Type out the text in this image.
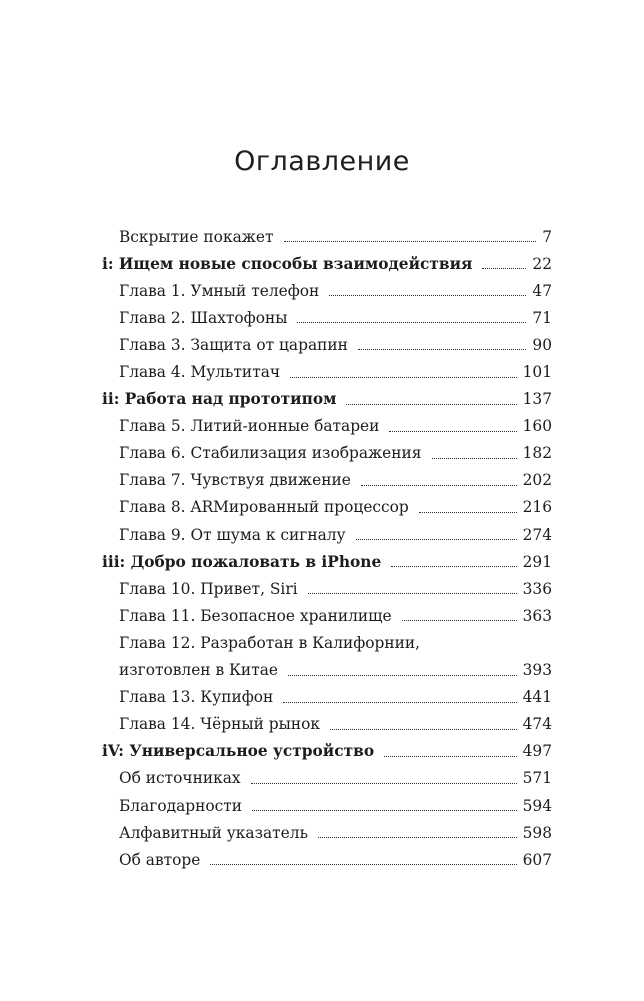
Оглавление
Вскрытие покажет	7
i: Ищем новые способы взаимодействия	22
Глава 1. Умный телефон	47
Глава 2. Шахтофоны	71
Глава 3. Защита от царапин	90
Глава 4. Мультитач	101
ii: Работа над прототипом	137
Глава 5. Литий-ионные батареи	160
Глава 6. Стабилизация изображения	182
Глава 7. Чувствуя движение	202
Глава 8. ARMированный процессор	216
Глава 9. От шума к сигналу	274
iii: Добро пожаловать в iPhone	291
Глава 10. Привет, Siri	336
Глава 11. Безопасное хранилище	363
Глава 12. Разработан в Калифорнии,
изготовлен в Китае	393
Глава 13. Купифон	441
Глава 14. Чёрный рынок	474
iV: Универсальное устройство	497
Об источниках	571
Благодарности	594
Алфавитный указатель	598
Об авторе	607
